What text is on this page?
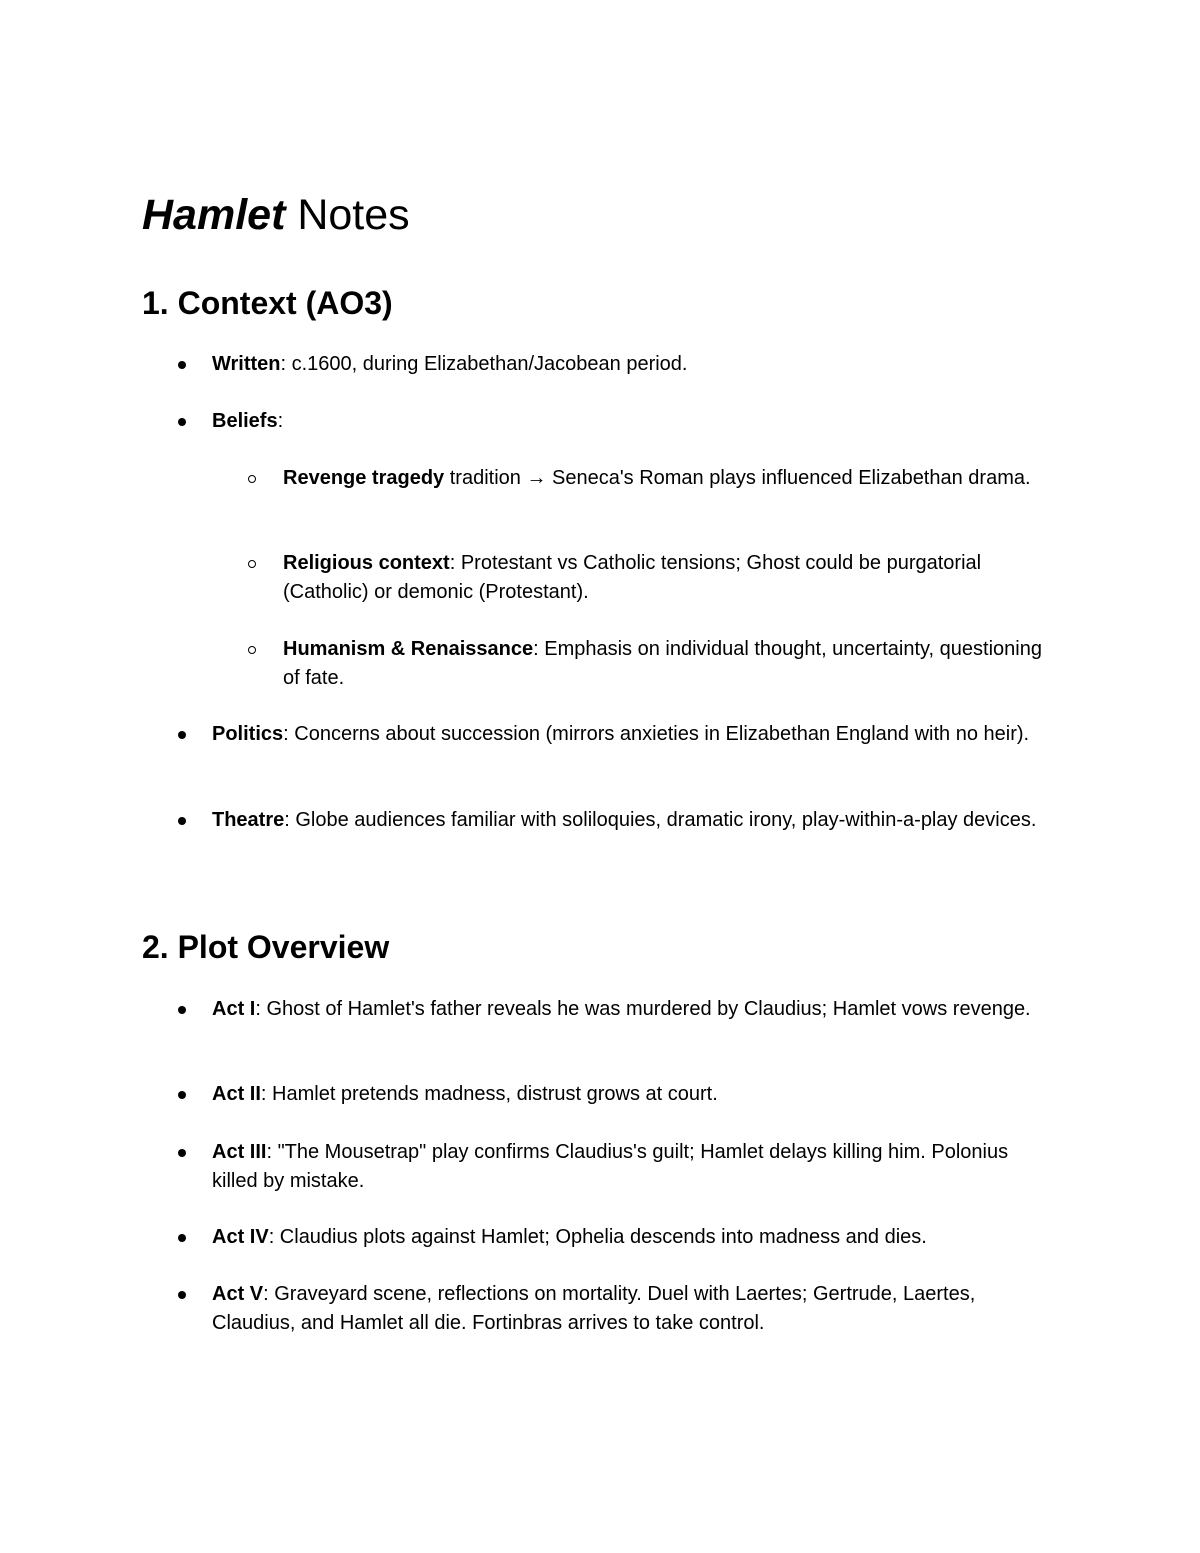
Hamlet Notes
1. Context (AO3)

Written: c.1600, during Elizabethan/Jacobean period.

Beliefs:

Revenge tragedy tradition → Seneca's Roman plays influenced Elizabethan drama.

Religious context: Protestant vs Catholic tensions; Ghost could be purgatorial (Catholic) or demonic (Protestant).

Humanism & Renaissance: Emphasis on individual thought, uncertainty, questioning of fate.

Politics: Concerns about succession (mirrors anxieties in Elizabethan England with no heir).

Theatre: Globe audiences familiar with soliloquies, dramatic irony, play-within-a-play devices.

2. Plot Overview

Act I: Ghost of Hamlet's father reveals he was murdered by Claudius; Hamlet vows revenge.

Act II: Hamlet pretends madness, distrust grows at court.

Act III: "The Mousetrap" play confirms Claudius's guilt; Hamlet delays killing him. Polonius killed by mistake.

Act IV: Claudius plots against Hamlet; Ophelia descends into madness and dies.

Act V: Graveyard scene, reflections on mortality. Duel with Laertes; Gertrude, Laertes, Claudius, and Hamlet all die. Fortinbras arrives to take control.
